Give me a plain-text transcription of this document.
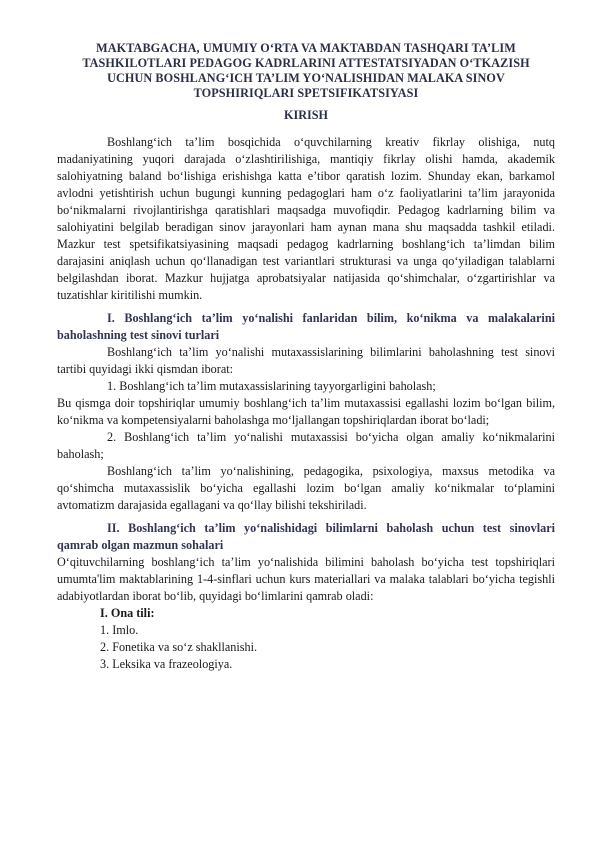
MAKTABGACHA, UMUMIY O‘RTA VA MAKTABDAN TASHQARI TA’LIM

TASHKILOTLARI PEDAGOG KADRLARINI ATTESTATSIYADAN O‘TKAZISH

UCHUN BOSHLANG‘ICH TA’LIM YO‘NALISHIDAN MALAKA SINOV

TOPSHIRIQLARI SPETSIFIKATSIYASI

KIRISH

Boshlang‘ich ta’lim bosqichida o‘quvchilarning kreativ fikrlay olishiga, nutq madaniyatining yuqori darajada o‘zlashtirilishiga, mantiqiy fikrlay olishi hamda, akademik salohiyatning baland bo‘lishiga erishishga katta e’tibor qaratish lozim. Shunday ekan, barkamol avlodni yetishtirish uchun bugungi kunning pedagoglari ham o‘z faoliyatlarini ta’lim jarayonida bo‘nikmalarni rivojlantirishga qaratishlari maqsadga muvofiqdir. Pedagog kadrlarning bilim va salohiyatini belgilab beradigan sinov jarayonlari ham aynan mana shu maqsadda tashkil etiladi. Mazkur test spetsifikatsiyasining maqsadi pedagog kadrlarning boshlang‘ich ta’limdan bilim darajasini aniqlash uchun qo‘llanadigan test variantlari strukturasi va unga qo‘yiladigan talablarni belgilashdan iborat. Mazkur hujjatga aprobatsiyalar natijasida qo‘shimchalar, o‘zgartirishlar va tuzatishlar kiritilishi mumkin.

I. Boshlang‘ich ta’lim yo‘nalishi fanlaridan bilim, ko‘nikma va malakalarini baholashning test sinovi turlari

Boshlang‘ich ta’lim yo‘nalishi mutaxassislarining bilimlarini baholashning test sinovi tartibi quyidagi ikki qismdan iborat:

1. Boshlang‘ich ta’lim mutaxassislarining tayyorgarligini baholash;

Bu qismga doir topshiriqlar umumiy boshlang‘ich ta’lim mutaxassisi egallashi lozim bo‘lgan bilim, ko‘nikma va kompetensiyalarni baholashga mo‘ljallangan topshiriqlardan iborat bo‘ladi;

2. Boshlang‘ich ta’lim yo‘nalishi mutaxassisi bo‘yicha olgan amaliy ko‘nikmalarini baholash;

Boshlang‘ich ta’lim yo‘nalishining, pedagogika, psixologiya, maxsus metodika va qo‘shimcha mutaxassislik bo‘yicha egallashi lozim bo‘lgan amaliy ko‘nikmalar to‘plamini avtomatizm darajasida egallagani va qo‘llay bilishi tekshiriladi.

II. Boshlang‘ich ta’lim yo‘nalishidagi bilimlarni baholash uchun test sinovlari qamrab olgan mazmun sohalari

O‘qituvchilarning boshlang‘ich ta’lim yo‘nalishida bilimini baholash bo‘yicha test topshiriqlari umumta'lim maktablarining 1-4-sinflari uchun kurs materiallari va malaka talablari bo‘yicha tegishli adabiyotlardan iborat bo‘lib, quyidagi bo‘limlarini qamrab oladi:

I. Ona tili:

1. Imlo.

2. Fonetika va so‘z shakllanishi.

3. Leksika va frazeologiya.
